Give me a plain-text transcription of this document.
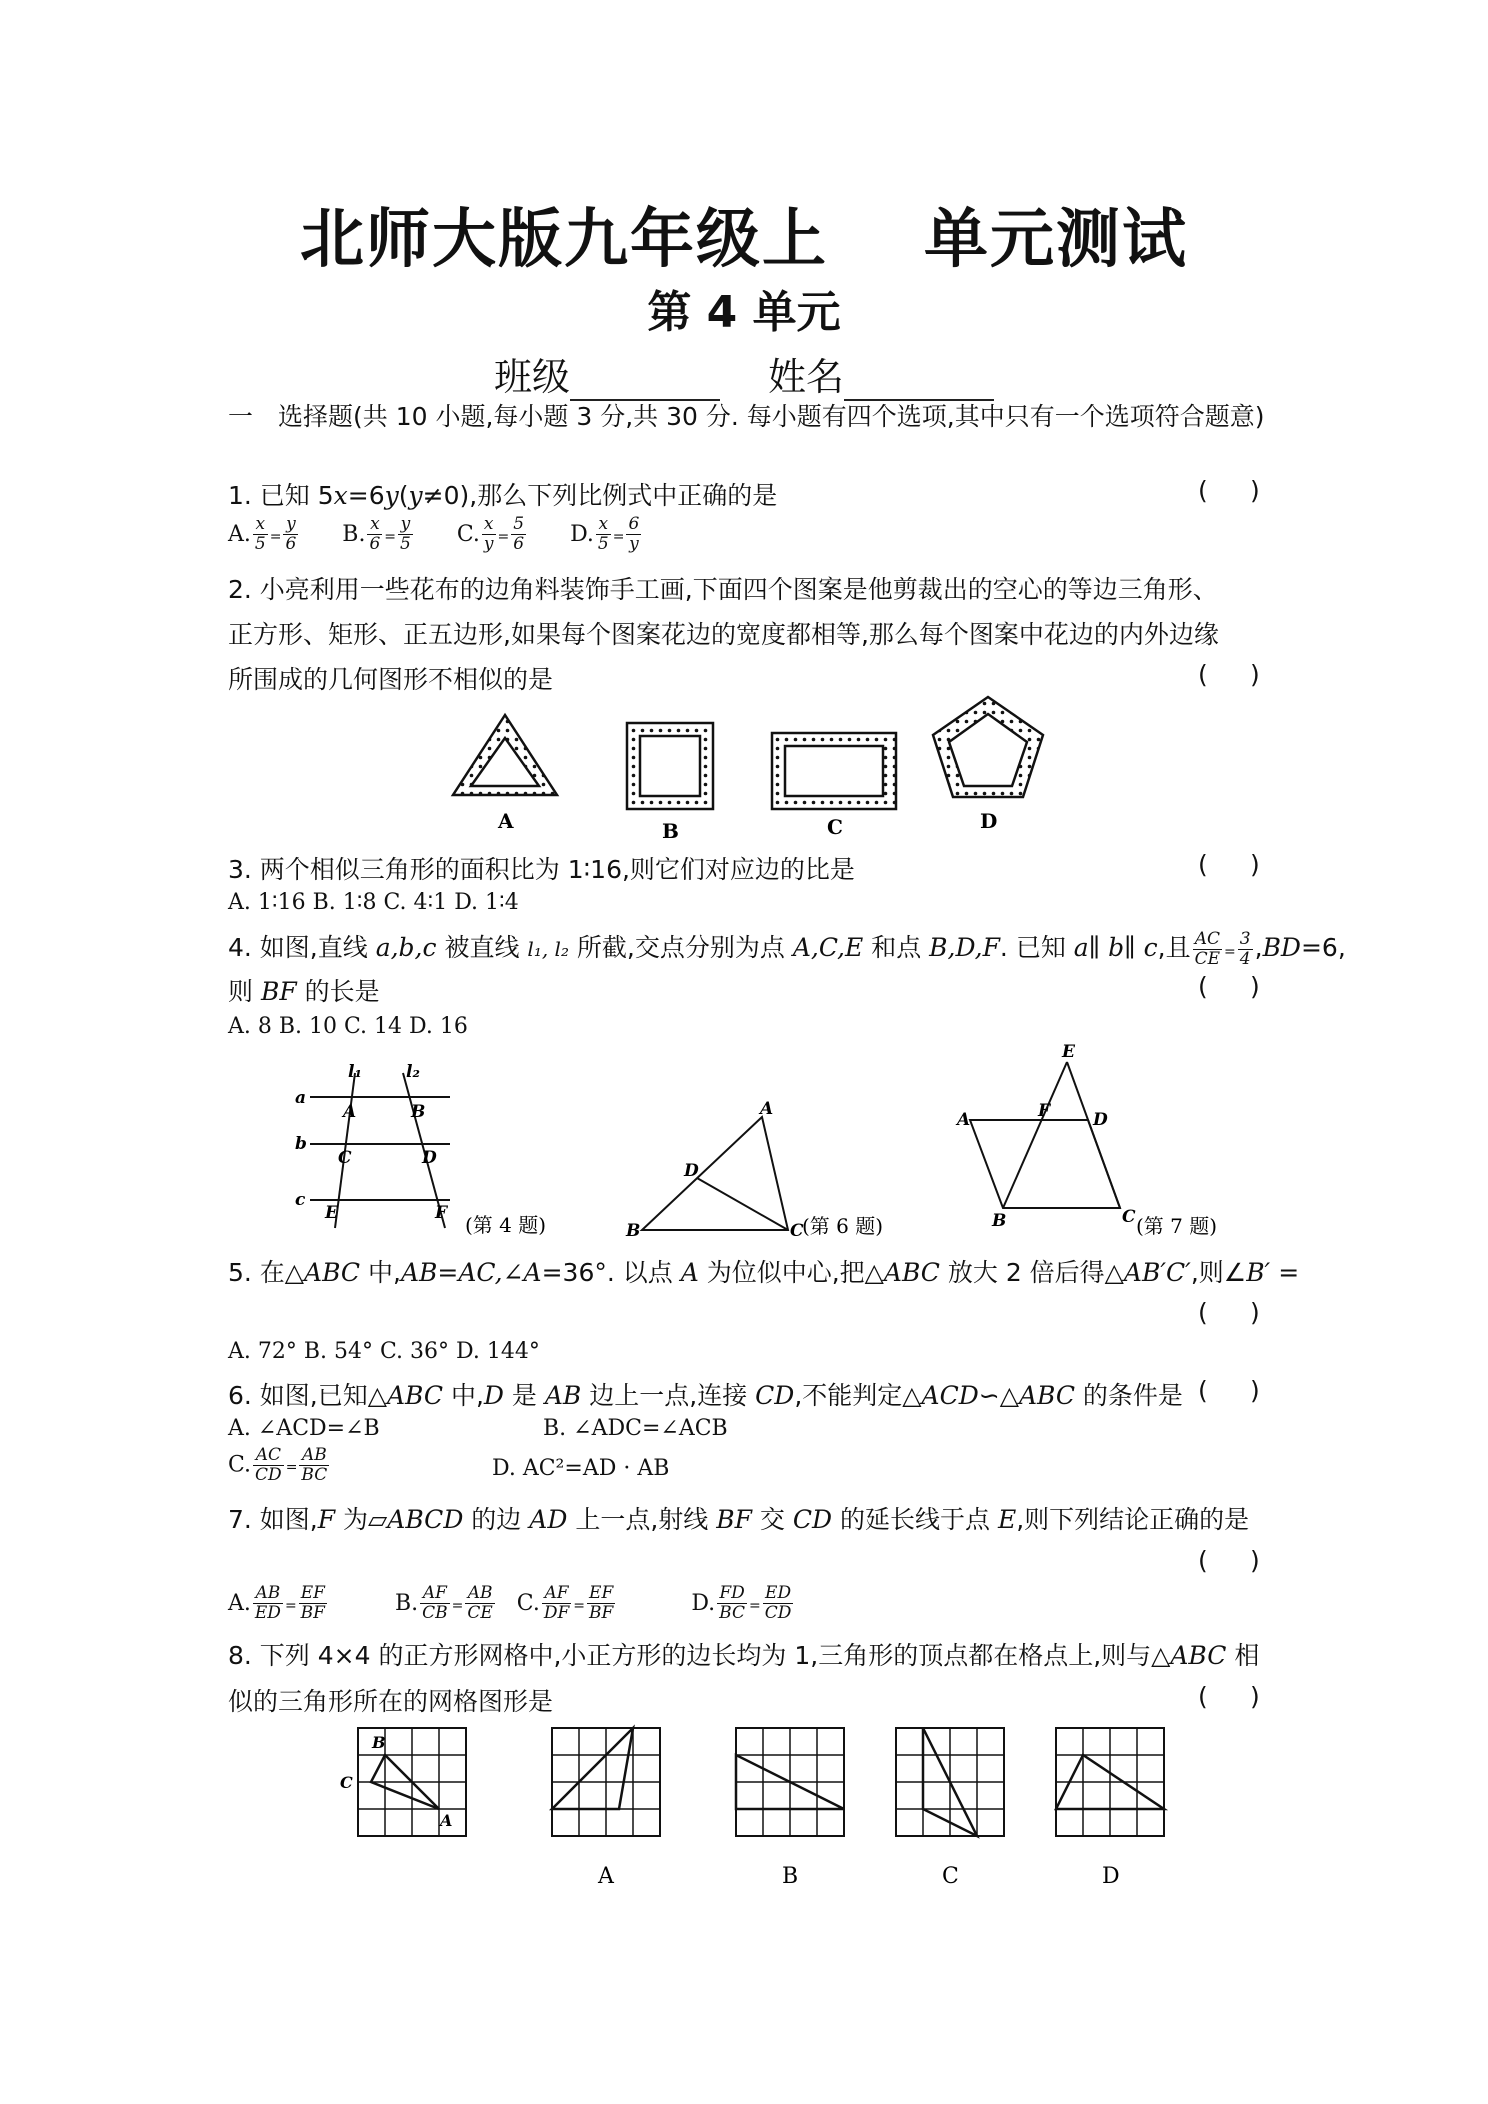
北师大版九年级上 单元测试
第 4 单元
班级	姓名
一　选择题(共 10 小题,每小题 3 分,共 30 分. 每小题有四个选项,其中只有一个选项符合题意)
1. 已知 5x=6y(y≠0),那么下列比例式中正确的是	( )
A. $\frac{x}{5} = \frac{y}{6} B$. $\frac{x}{6} = \frac{y}{5} C$. $\frac{x}{y} = \frac{5}{6} D$. $\frac{x}{5} = \frac{6}{y}$
2. 小亮利用一些花布的边角料装饰手工画,下面四个图案是他剪裁出的空心的等边三角形、
正方形、矩形、正五边形,如果每个图案花边的宽度都相等,那么每个图案中花边的内外边缘
所围成的几何图形不相似的是	( )
A	B	C	D
3. 两个相似三角形的面积比为 1∶16,则它们对应边的比是	( )
A. 1∶16 B. 1∶8 C. 4∶1 D. 1∶4
4. 如图,直线 a,b,c 被直线 l₁, l₂ 所截,交点分别为点 A,C,E 和点 B,D,F. 已知 a∥ b∥ c,且 $\frac{AC}{CE} = \frac{3}{4} ,BD=6$,
则 BF 的长是	( )
A. 8 B. 10 C. 14 D. 16
l₁	l₂
a
b
c
A	B
C	D
E	F (第 4 题)
A
B	C
D
(第 6 题)
E
A	F	D
B	C (第 7 题)
5. 在△ABC 中,AB=AC,∠A=36°. 以点 A 为位似中心,把△ABC 放大 2 倍后得△AB′C′,则∠B′ =
( )
A. 72° B. 54° C. 36° D. 144°
6. 如图,已知△ABC 中,D 是 AB 边上一点,连接 CD,不能判定△ACD∽△ABC 的条件是 ( )
A. ∠ACD=∠B	B. ∠ADC=∠ACB
C. $\frac{AC}{CD} = \frac{AB}{BC}$	D. AC²=AD · AB
7. 如图,F 为▱ABCD 的边 AD 上一点,射线 BF 交 CD 的延长线于点 E,则下列结论正确的是
( )
A. $\frac{AB}{ED} = \frac{EF}{BF}$	B. $\frac{AF}{CB} = \frac{AB}{CE} C$. $\frac{AF}{DF} = \frac{EF}{BF}$	D. $\frac{FD}{BC} = \frac{ED}{CD}$
8. 下列 4×4 的正方形网格中,小正方形的边长均为 1,三角形的顶点都在格点上,则与△ABC 相
似的三角形所在的网格图形是	( )
B
C
A
A	B	C	D
